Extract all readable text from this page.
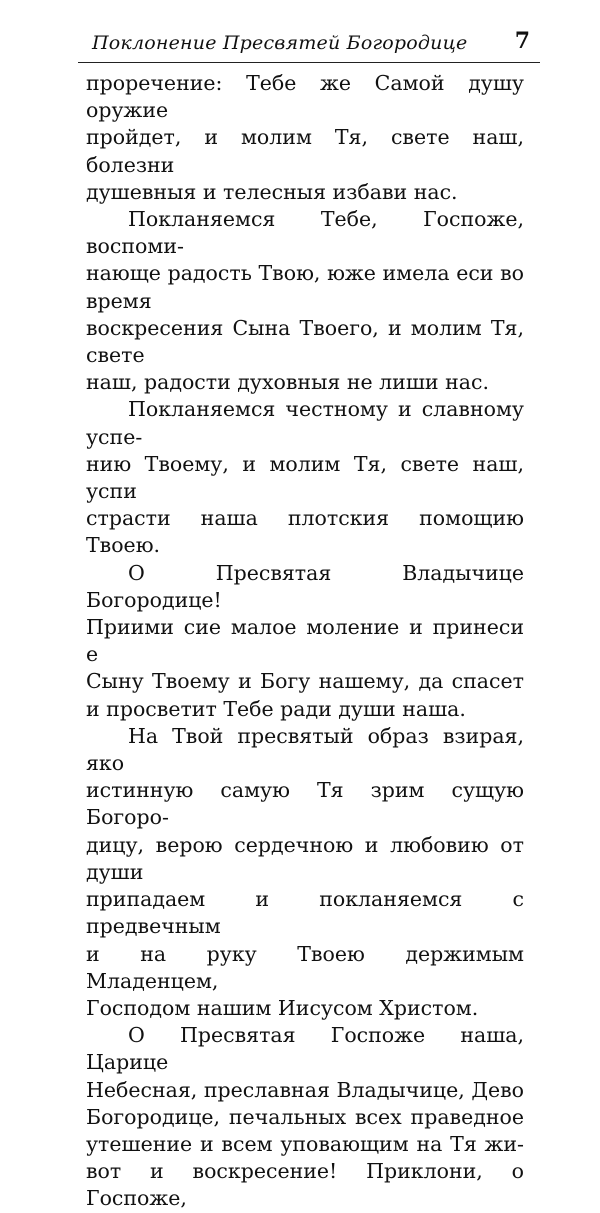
Поклонение Пресвятей Богородице 7

проречение: Тебе же Самой душу оружие
пройдет, и молим Тя, свете наш, болезни
душевныя и телесныя избави нас.

Покланяемся Тебе, Госпоже, воспоми-
нающе радость Твою, юже имела еси во время
воскресения Сына Твоего, и молим Тя, свете
наш, радости духовныя не лиши нас.

Покланяемся честному и славному успе-
нию Твоему, и молим Тя, свете наш, успи
страсти наша плотския помощию Твоею.

О Пресвятая Владычице Богородице!
Приими сие малое моление и принеси е
Сыну Твоему и Богу нашему, да спасет
и просветит Тебе ради души наша.

На Твой пресвятый образ взирая, яко
истинную самую Тя зрим сущую Богоро-
дицу, верою сердечною и любовию от души
припадаем и покланяемся с предвечным
и на руку Твоею держимым Младенцем,
Господом нашим Иисусом Христом.

О Пресвятая Госпоже наша, Царице
Небесная, преславная Владычице, Дево
Богородице, печальных всех праведное
утешение и всем уповающим на Тя жи-
вот и воскресение! Приклони, о Госпоже,
